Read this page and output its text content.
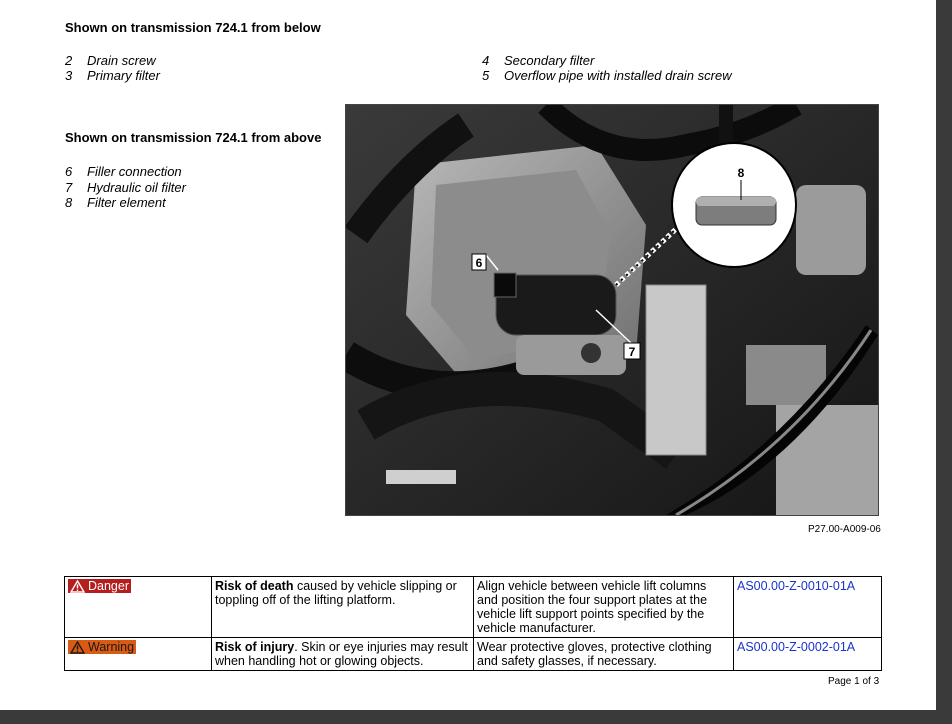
Shown on transmission 724.1 from below
2 Drain screw
3 Primary filter
4 Secondary filter
5 Overflow pipe with installed drain screw
Shown on transmission 724.1 from above
6 Filler connection
7 Hydraulic oil filter
8 Filter element
6
7
8
P27.00-A009-06
Danger	Risk of death caused by vehicle slipping or toppling off of the lifting platform.	Align vehicle between vehicle lift columns and position the four support plates at the vehicle lift support points specified by the vehicle manufacturer.	AS00.00-Z-0010-01A

Warning	Risk of injury. Skin or eye injuries may result when handling hot or glowing objects.	Wear protective gloves, protective clothing and safety glasses, if necessary.	AS00.00-Z-0002-01A
Page 1 of 3
